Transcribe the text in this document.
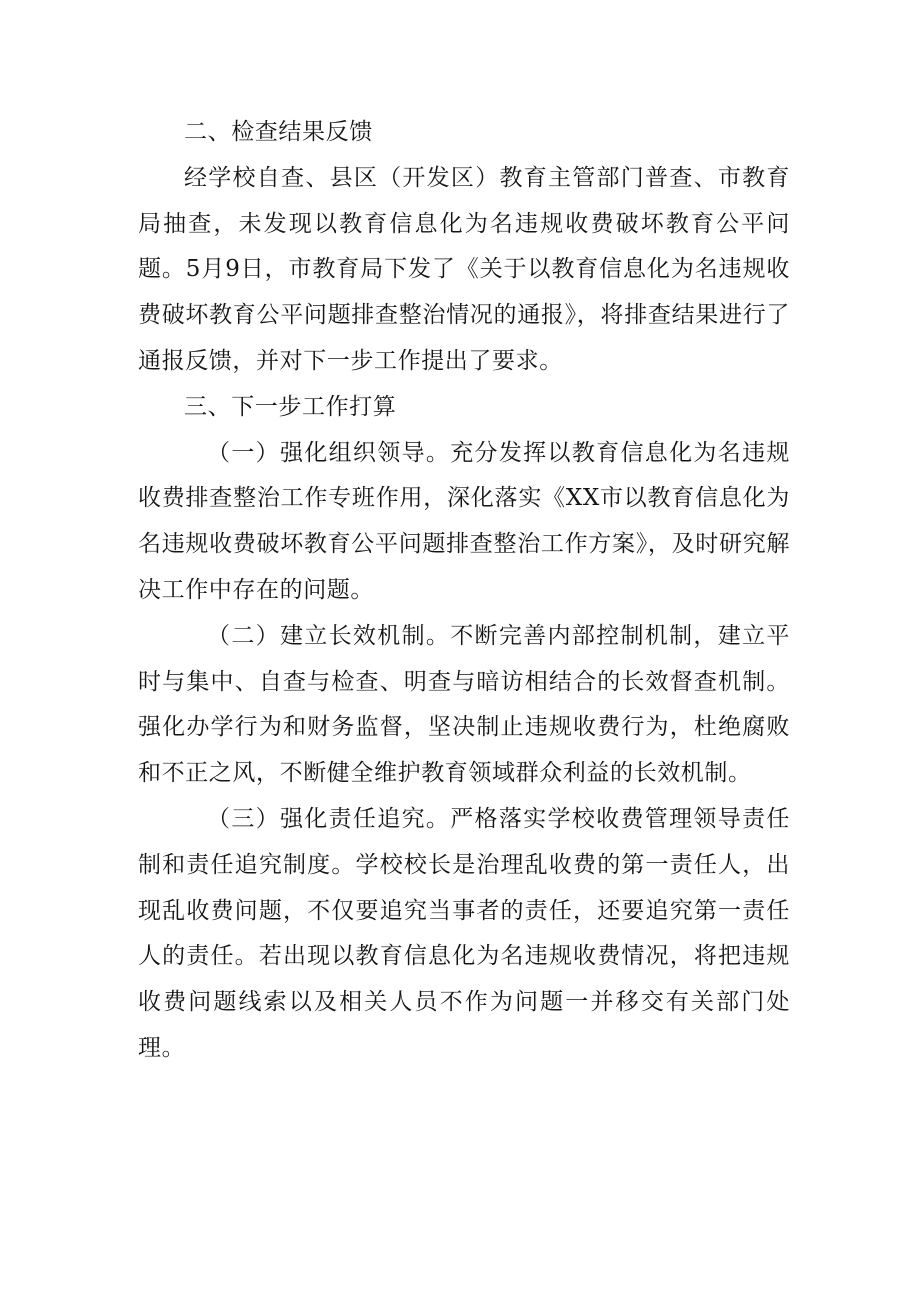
二、检查结果反馈

经学校自查、县区（开发区）教育主管部门普查、市教育局抽查，未发现以教育信息化为名违规收费破坏教育公平问题。5月9日，市教育局下发了《关于以教育信息化为名违规收费破坏教育公平问题排查整治情况的通报》，将排查结果进行了通报反馈，并对下一步工作提出了要求。

三、下一步工作打算

（一）强化组织领导。充分发挥以教育信息化为名违规收费排查整治工作专班作用，深化落实《XX市以教育信息化为名违规收费破坏教育公平问题排查整治工作方案》，及时研究解决工作中存在的问题。

（二）建立长效机制。不断完善内部控制机制，建立平时与集中、自查与检查、明查与暗访相结合的长效督查机制。强化办学行为和财务监督，坚决制止违规收费行为，杜绝腐败和不正之风，不断健全维护教育领域群众利益的长效机制。

（三）强化责任追究。严格落实学校收费管理领导责任制和责任追究制度。学校校长是治理乱收费的第一责任人，出现乱收费问题，不仅要追究当事者的责任，还要追究第一责任人的责任。若出现以教育信息化为名违规收费情况，将把违规收费问题线索以及相关人员不作为问题一并移交有关部门处理。
